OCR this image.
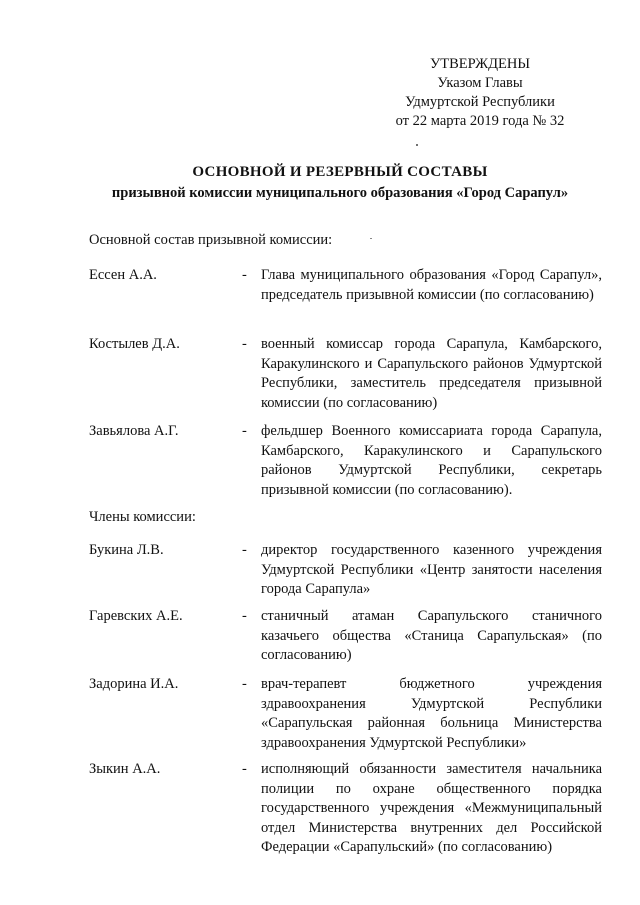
УТВЕРЖДЕНЫ
Указом Главы
Удмуртской Республики
от 22 марта 2019 года № 32
ОСНОВНОЙ И РЕЗЕРВНЫЙ СОСТАВЫ
призывной комиссии муниципального образования «Город Сарапул»
Основной состав призывной комиссии:
Ессен А.А.	- Глава муниципального образования «Город Сарапул», председатель призывной комиссии (по согласованию)
Костылев Д.А.	- военный комиссар города Сарапула, Камбарского, Каракулинского и Сарапульского районов Удмуртской Республики, заместитель председателя призывной комиссии (по согласованию)
Завьялова А.Г.	- фельдшер Военного комиссариата города Сарапула, Камбарского, Каракулинского и Сарапульского районов Удмуртской Республики, секретарь призывной комиссии (по согласованию).
Члены комиссии:
Букина Л.В.	- директор государственного казенного учреждения Удмуртской Республики «Центр занятости населения города Сарапула»
Гаревских А.Е.	- станичный атаман Сарапульского станичного казачьего общества «Станица Сарапульская» (по согласованию)
Задорина И.А.	- врач-терапевт бюджетного учреждения здравоохранения Удмуртской Республики «Сарапульская районная больница Министерства здравоохранения Удмуртской Республики»
Зыкин А.А.	- исполняющий обязанности заместителя начальника полиции по охране общественного порядка государственного учреждения «Межмуниципальный отдел Министерства внутренних дел Российской Федерации «Сарапульский» (по согласованию)
